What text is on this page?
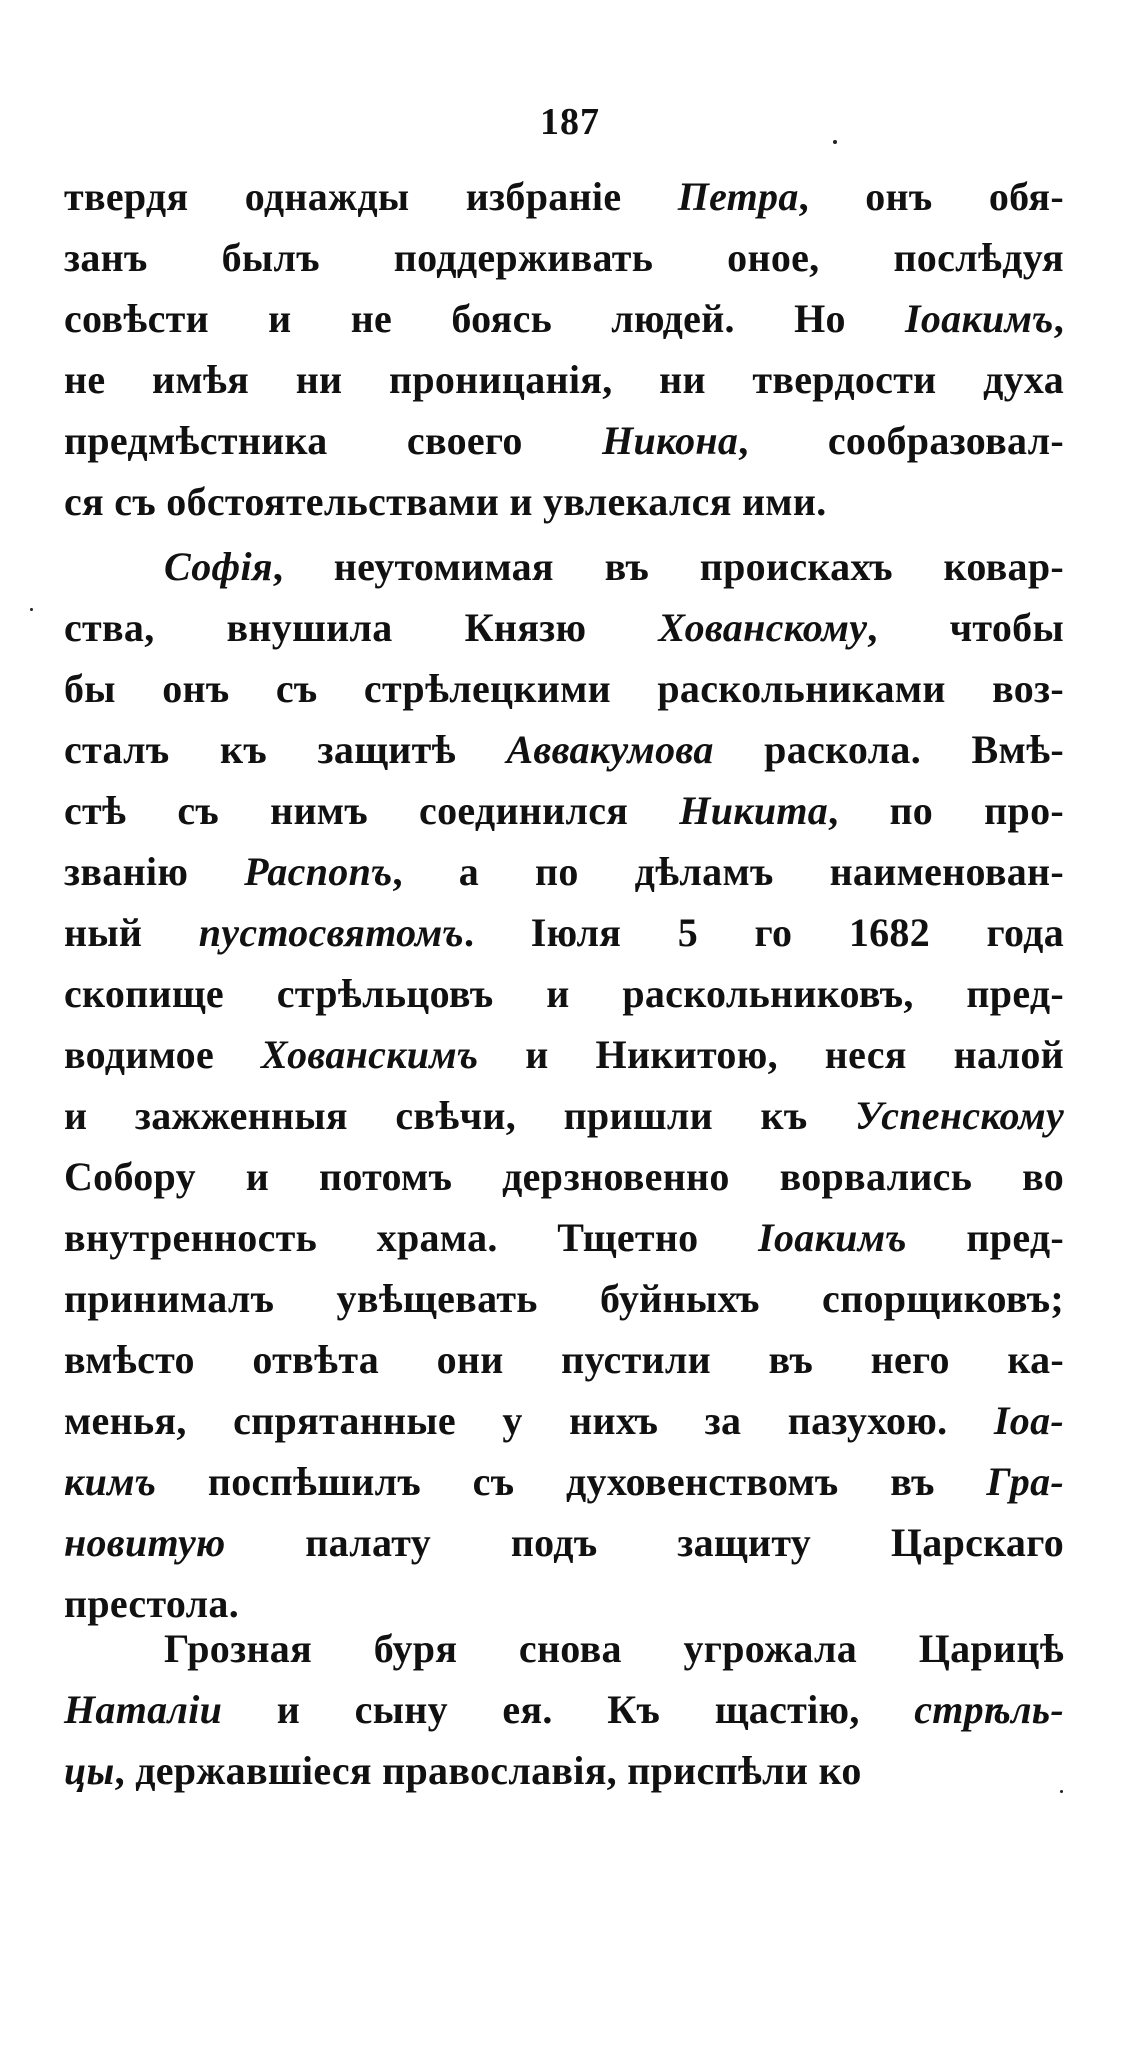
187
твердя однажды избраніе Петра, онъ обя-
занъ былъ поддерживать оное, послѣдуя
совѣсти и не боясь людей. Но Іоакимъ,
не имѣя ни проницанія, ни твердости духа
предмѣстника своего Никона, сообразовал-
ся съ обстоятельствами и увлекался ими.
Софія, неутомимая въ проискахъ ковар-
ства, внушила Князю Хованскому, чтобы
бы онъ съ стрѣлецкими раскольниками воз-
сталъ къ защитѣ Аввакумова раскола. Вмѣ-
стѣ съ нимъ соединился Никита, по про-
званію Распопъ, а по дѣламъ наименован-
ный пустосвятомъ. Іюля 5 го 1682 года
скопище стрѣльцовъ и раскольниковъ, пред-
водимое Хованскимъ и Никитою, неся налой
и зажженныя свѣчи, пришли къ Успенскому
Собору и потомъ дерзновенно ворвались во
внутренность храма. Тщетно Іоакимъ пред-
принималъ увѣщевать буйныхъ спорщиковъ;
вмѣсто отвѣта они пустили въ него ка-
менья, спрятанные у нихъ за пазухою. Іоа-
кимъ поспѣшилъ съ духовенствомъ въ Гра-
новитую палату подъ защиту Царскаго
престола.
Грозная буря снова угрожала Царицѣ
Наталіи и сыну ея. Къ щастію, стрѣль-
цы, державшіеся православія, приспѣли ко
